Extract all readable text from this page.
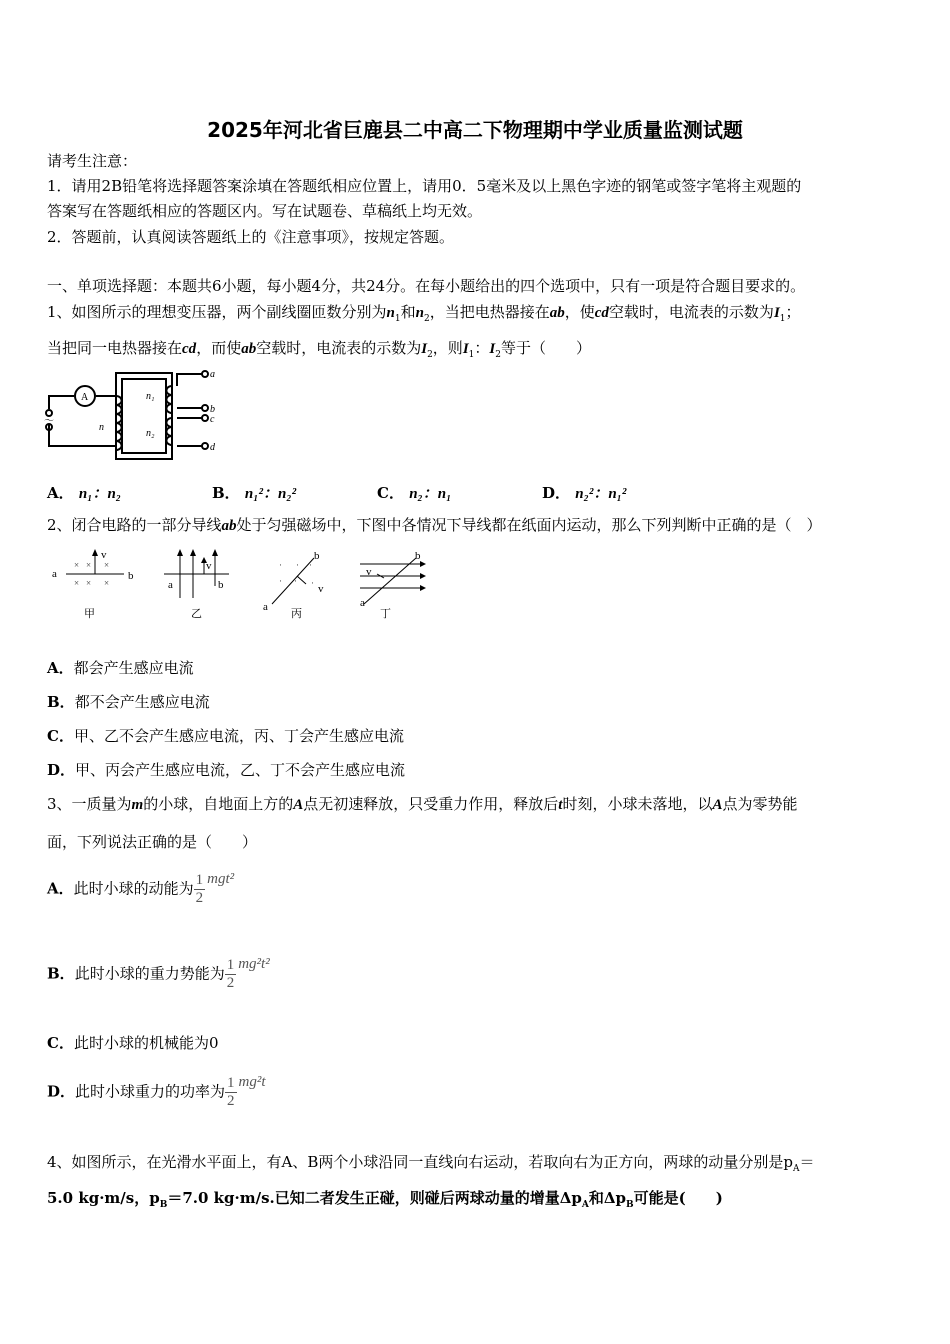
2025年河北省巨鹿县二中高二下物理期中学业质量监测试题
请考生注意：
1．请用2B铅笔将选择题答案涂填在答题纸相应位置上，请用0．5毫米及以上黑色字迹的钢笔或签字笔将主观题的
答案写在答题纸相应的答题区内。写在试题卷、草稿纸上均无效。
2．答题前，认真阅读答题纸上的《注意事项》，按规定答题。
一、单项选择题：本题共6小题，每小题4分，共24分。在每小题给出的四个选项中，只有一项是符合题目要求的。
1、如图所示的理想变压器，两个副线圈匝数分别为$n_1$和$n_2$，当把电热器接在ab，使cd空载时，电流表的示数为$I_1$；
当把同一电热器接在cd，而使ab空载时，电流表的示数为$I_2$，则$I_1$：$I_2$等于（　　）
A
～
n
n₁
n₂
a
b
c
d
A． n₁：n₂	B． n₁²：n₂²	C． n₂：n₁	D． n₂²：n₁²
2、闭合电路的一部分导线ab处于匀强磁场中，下图中各情况下导线都在纸面内运动，那么下列判断中正确的是（　）
× × ×
× × ×
· · ·
· · ·
a	b
v
a	b
v
a
b
v
a
b
v
甲	乙	丙	丁
A．都会产生感应电流
B．都不会产生感应电流
C．甲、乙不会产生感应电流，丙、丁会产生感应电流
D．甲、丙会产生感应电流，乙、丁不会产生感应电流
3、一质量为m的小球，自地面上方的A点无初速释放，只受重力作用，释放后t时刻，小球未落地，以A点为零势能
面，下列说法正确的是（　　）
A．此时小球的动能为 $\frac{1}{2} mgt^2$
B．此时小球的重力势能为 $\frac{1}{2} mg^2t^2$
C．此时小球的机械能为0
D．此时小球重力的功率为 $\frac{1}{2} mg^2t$
4、如图所示，在光滑水平面上，有A、B两个小球沿同一直线向右运动，若取向右为正方向，两球的动量分别是$p_A=$
5.0 kg·m/s，$p_B=7.0$ kg·m/s.已知二者发生正碰，则碰后两球动量的增量$\Delta p_A$和$\Delta p_B$可能是(　　)
